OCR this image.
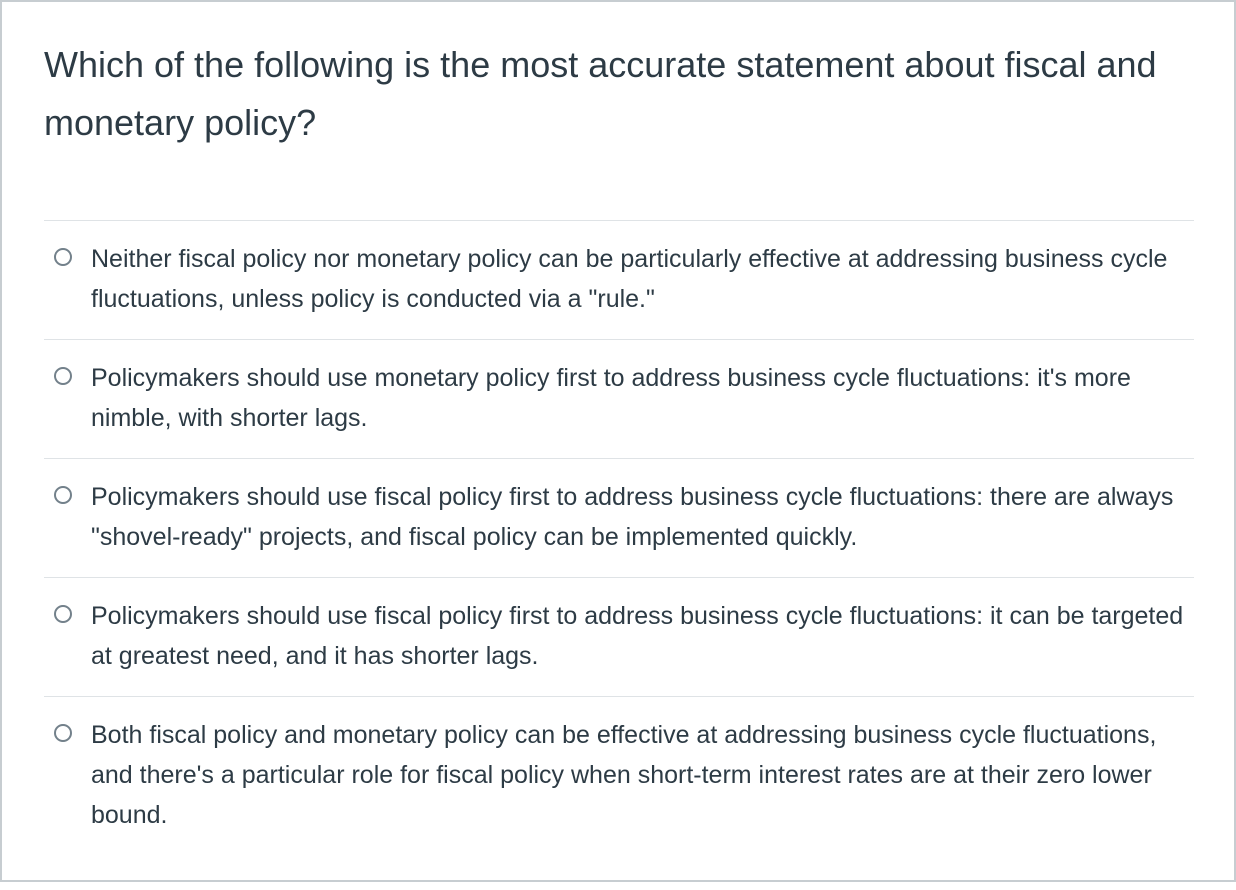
Which of the following is the most accurate statement about fiscal and monetary policy?
Neither fiscal policy nor monetary policy can be particularly effective at addressing business cycle fluctuations, unless policy is conducted via a "rule."
Policymakers should use monetary policy first to address business cycle fluctuations: it's more nimble, with shorter lags.
Policymakers should use fiscal policy first to address business cycle fluctuations: there are always "shovel-ready" projects, and fiscal policy can be implemented quickly.
Policymakers should use fiscal policy first to address business cycle fluctuations: it can be targeted at greatest need, and it has shorter lags.
Both fiscal policy and monetary policy can be effective at addressing business cycle fluctuations, and there's a particular role for fiscal policy when short-term interest rates are at their zero lower bound.
